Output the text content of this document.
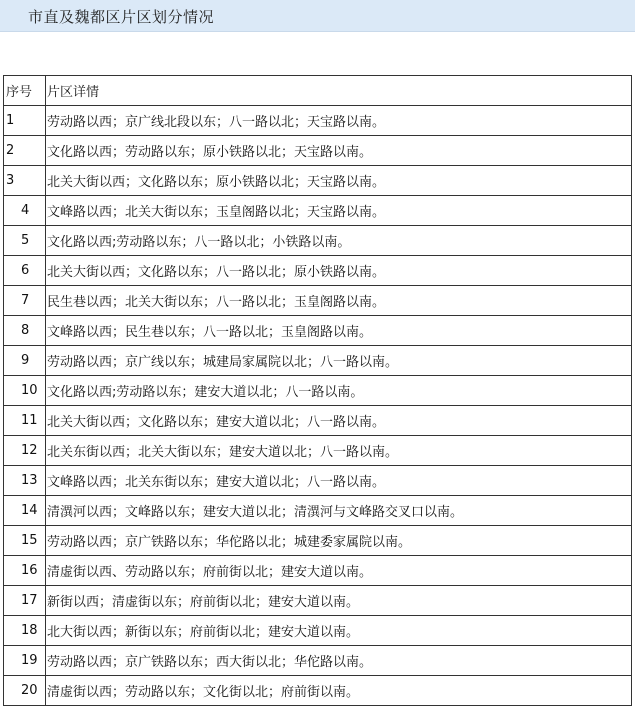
市直及魏都区片区划分情况
序号	片区详情
1	劳动路以西；京广线北段以东；八一路以北；天宝路以南。
2	文化路以西；劳动路以东；原小铁路以北；天宝路以南。
3	北关大街以西；文化路以东；原小铁路以北；天宝路以南。
4	文峰路以西；北关大街以东；玉皇阁路以北；天宝路以南。
5	文化路以西;劳动路以东；八一路以北；小铁路以南。
6	北关大街以西；文化路以东；八一路以北；原小铁路以南。
7	民生巷以西；北关大街以东；八一路以北；玉皇阁路以南。
8	文峰路以西；民生巷以东；八一路以北；玉皇阁路以南。
9	劳动路以西；京广线以东；城建局家属院以北；八一路以南。
10	文化路以西;劳动路以东；建安大道以北；八一路以南。
11	北关大街以西；文化路以东；建安大道以北；八一路以南。
12	北关东街以西；北关大街以东；建安大道以北；八一路以南。
13	文峰路以西；北关东街以东；建安大道以北；八一路以南。
14	清潩河以西；文峰路以东；建安大道以北；清潩河与文峰路交叉口以南。
15	劳动路以西；京广铁路以东；华佗路以北；城建委家属院以南。
16	清虚街以西、劳动路以东；府前街以北；建安大道以南。
17	新街以西；清虚街以东；府前街以北；建安大道以南。
18	北大街以西；新街以东；府前街以北；建安大道以南。
19	劳动路以西；京广铁路以东；西大街以北；华佗路以南。
20	清虚街以西；劳动路以东；文化街以北；府前街以南。
